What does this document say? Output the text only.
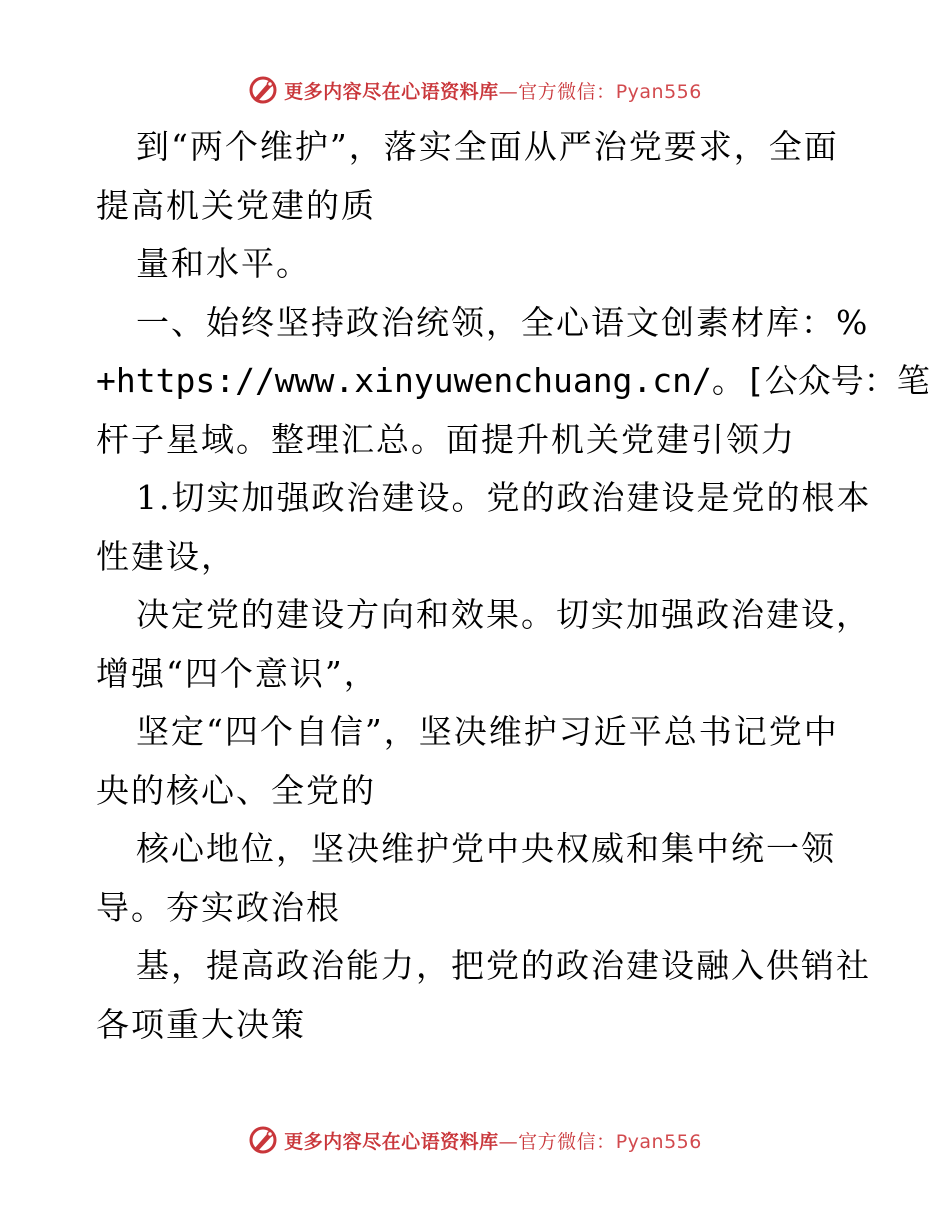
更多内容尽在心语资料库—官方微信：Pyan556
到“两个维护”，落实全面从严治党要求，全面
提高机关党建的质
量和水平。
一、始终坚持政治统领，全心语文创素材库：%
+https://www.xinyuwenchuang.cn/。[公众号：笔
杆子星域。整理汇总。面提升机关党建引领力
1.切实加强政治建设。党的政治建设是党的根本
性建设，
决定党的建设方向和效果。切实加强政治建设，
增强“四个意识”，
坚定“四个自信”，坚决维护习近平总书记党中
央的核心、全党的
核心地位，坚决维护党中央权威和集中统一领
导。夯实政治根
基，提高政治能力，把党的政治建设融入供销社
各项重大决策
更多内容尽在心语资料库—官方微信：Pyan556
